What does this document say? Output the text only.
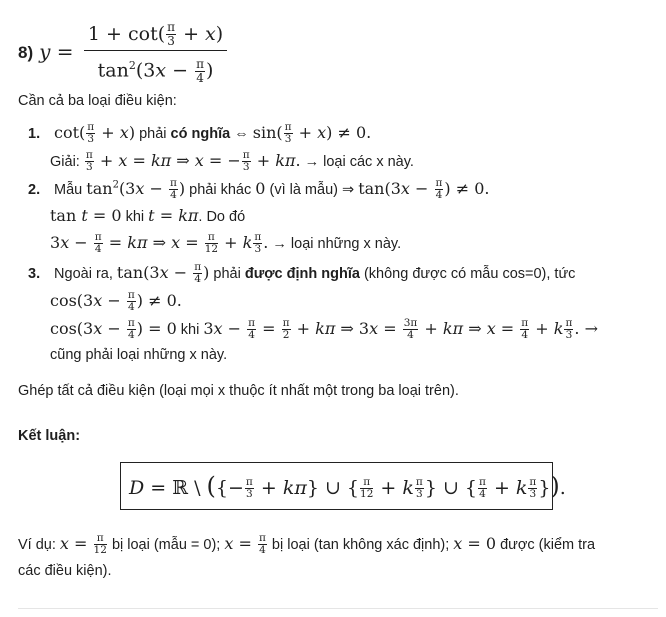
8) $y = \frac{1 + \cot( \frac{\pi}{3} + x)}{\tan^2(3x - \frac{\pi}{4} )}$
Cần cả ba loại điều kiện:
1. $\cot( \frac{\pi}{3} + x)$ phải có nghĩa ⇔ $\sin( \frac{\pi}{3} + x) \ne 0$.
Giải: $\frac{\pi}{3} + x = k\pi$ ⇒ x = − $\frac{\pi}{3} + k\pi$. → loại các x này.
2. Mẫu $\tan^2(3x - \frac{\pi}{4}$ ) phải khác 0 (vì là mẫu) ⇒ $\tan(3x - \frac{\pi}{4}$ ) ≠ 0.
tan t = 0 khi t = kπ. Do đó
$3x - \frac{\pi}{4} = k\pi$ ⇒ $x = \frac{\pi}{12} + k \frac{\pi}{3}$ . → loại những x này.
3. Ngoài ra, $\tan(3x - \frac{\pi}{4}$ ) phải được định nghĩa (không được có mẫu cos=0), tức
$\cos(3x - \frac{\pi}{4}$ ) ≠ 0.
$\cos(3x - \frac{\pi}{4}$ ) = 0 khi $3x - \frac{\pi}{4} = \frac{\pi}{2} + k\pi$ ⇒ $3x = \frac{3\pi}{4} + k\pi$ ⇒ $x = \frac{\pi}{4} + k \frac{\pi}{3}$ . →
cũng phải loại những x này.
Ghép tất cả điều kiện (loại mọi x thuộc ít nhất một trong ba loại trên).
Kết luận:
D = ℝ \ ({− $\frac{\pi}{3} + k\pi$} ∪ { $\frac{\pi}{12} + k \frac{\pi}{3}$ } ∪ { $\frac{\pi}{4} + k \frac{\pi}{3}$ }).
Ví dụ: $x = \frac{\pi}{12}$ bị loại (mẫu = 0); $x = \frac{\pi}{4}$ bị loại (tan không xác định); x = 0 được (kiểm tra
các điều kiện).
